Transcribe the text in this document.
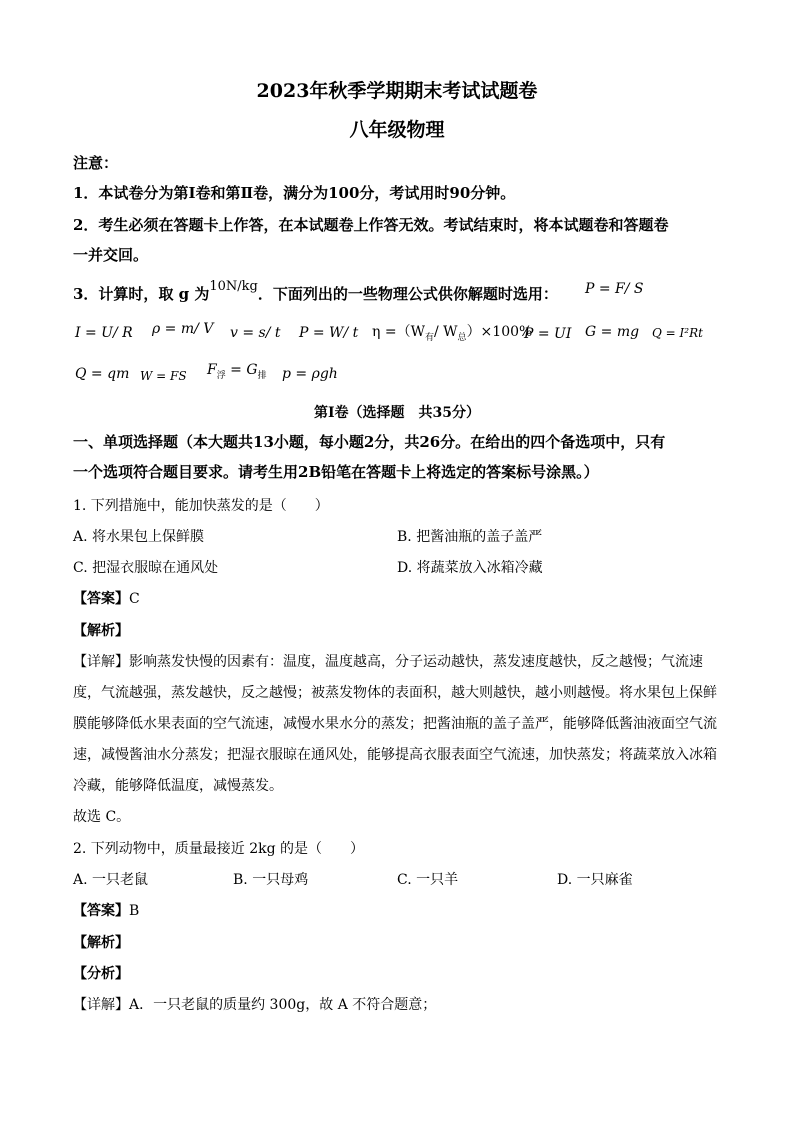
2023年秋季学期期末考试试题卷
八年级物理
注意：
1．本试卷分为第Ⅰ卷和第Ⅱ卷，满分为100分，考试用时90分钟。
2．考生必须在答题卡上作答，在本试题卷上作答无效。考试结束时，将本试题卷和答题卷
一并交回。
3．计算时，取 g 为10N/kg．下面列出的一些物理公式供你解题时选用： P = F/ S
I = U/ R ρ = m/ V v = s/ t P = W/ t $\eta =(W_有/$ $W_总)\times 100\%$
P = UI G = mg Q = I²Rt
Q = qm W = FS $F_浮 = G_排$ p = ρgh
第Ⅰ卷（选择题　共35分）
一、单项选择题（本大题共13小题，每小题2分，共26分。在给出的四个备选项中，只有
一个选项符合题目要求。请考生用2B铅笔在答题卡上将选定的答案标号涂黑。）
1. 下列措施中，能加快蒸发的是（　　）
A. 将水果包上保鲜膜	B. 把酱油瓶的盖子盖严
C. 把湿衣服晾在通风处	D. 将蔬菜放入冰箱冷藏
【答案】C
【解析】
【详解】影响蒸发快慢的因素有：温度，温度越高，分子运动越快，蒸发速度越快，反之越慢；气流速
度，气流越强，蒸发越快，反之越慢；被蒸发物体的表面积，越大则越快，越小则越慢。将水果包上保鲜
膜能够降低水果表面的空气流速，减慢水果水分的蒸发；把酱油瓶的盖子盖严，能够降低酱油液面空气流
速，减慢酱油水分蒸发；把湿衣服晾在通风处，能够提高衣服表面空气流速，加快蒸发；将蔬菜放入冰箱
冷藏，能够降低温度，减慢蒸发。
故选 C。
2. 下列动物中，质量最接近 2kg 的是（　　）
A. 一只老鼠	B. 一只母鸡	C. 一只羊	D. 一只麻雀
【答案】B
【解析】
【分析】
【详解】A．一只老鼠的质量约 300g，故 A 不符合题意；
